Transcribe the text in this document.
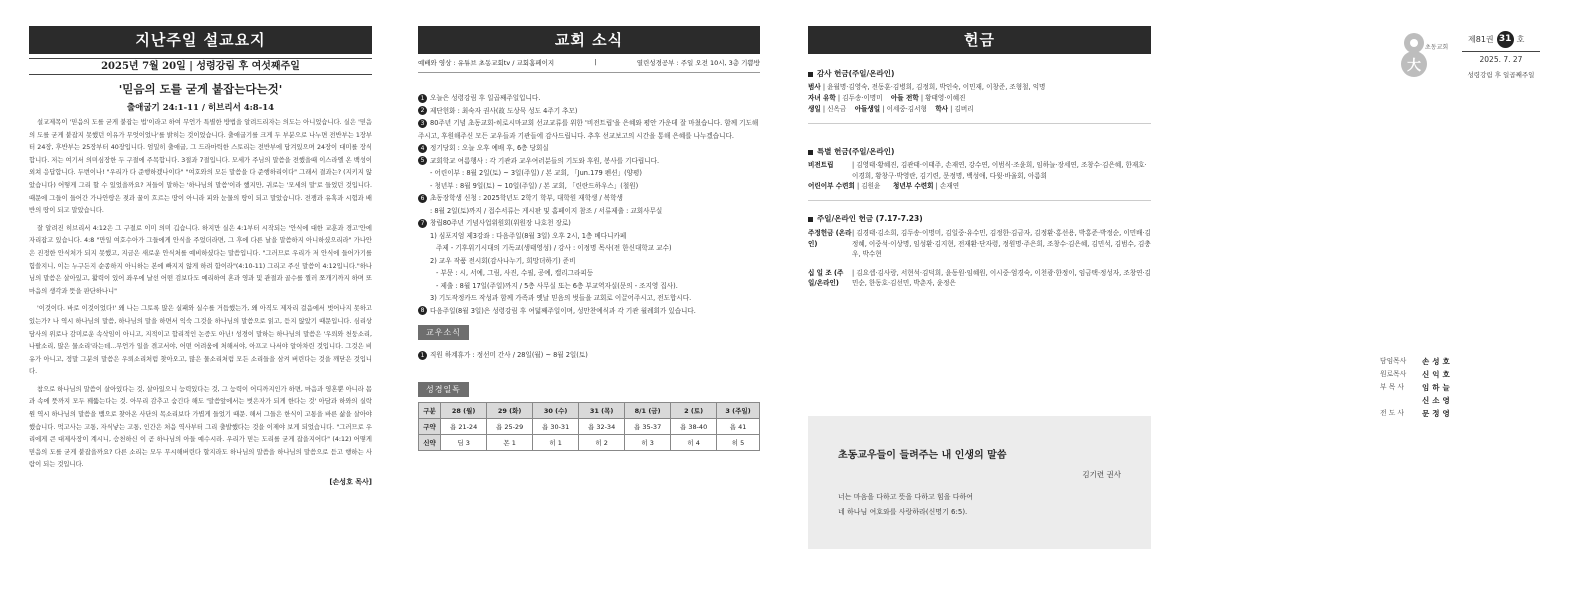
지난주일 설교요지
2025년 7월 20일 | 성령강림 후 여섯째주일
'믿음의 도를 굳게 붙잡는다는것'
출애굽기 24:1-11 / 히브리서 4:8-14

설교제목이 '믿음의 도를 굳게 붙잡는 법'이라고 하여 무언가 특별한 방법을 알려드리자는 의도는 아니었습니다. 실은 '믿음의 도를 굳게 붙잡지 못했던 이유가 무엇이었나'를 밝히는 것이었습니다. 출애굽기를 크게 두 부분으로 나누면 전반부는 1장부터 24장, 후반부는 25장부터 40장입니다. 엄밀히 출애굽, 그 드라마틱한 스토리는 전반부에 담겨있으며 24장이 대미를 장식합니다. 저는 여기서 의미심장한 두 구절에 주목합니다. 3절과 7절입니다. 모세가 주님의 말씀을 전했을때 이스라엘 온 백성이 외쳐 응답합니다. 두번이나! "우리가 다 준행하겠나이다" "여호와의 모든 말씀을 다 준행하리이다" 그래서 결과는? (지키지 않았습니다) 어떻게 그리 할 수 있었을까요? 저들이 말하는 '하나님의 말씀'이라 했지만, 귀로는 '모세의 말'로 들었던 것입니다. 때문에 그들이 들어간 가나안땅은 젖과 꿀이 흐르는 땅이 아니라 피와 눈물의 땅이 되고 말았습니다. 전쟁과 유혹과 시험과 배반의 땅이 되고 말았습니다.

잘 알려진 히브리서 4:12은 그 구절로 이미 의미 깁습니다. 하지만 실은 4:1부터 시작되는 '안식에 대한 교훈과 경고'안에 자리잡고 있습니다. 4:8 "만일 여호수아가 그들에게 안식을 주었더라면, 그 후에 다른 날을 말씀하지 아니하셨으리라" 가나안은 진정한 안식처가 되지 못했고, 지금은 새로운 안식처를 예비하셨다는 말씀입니다. "그러므로 우리가 저 안식에 들어가기를 힘쓸지니, 이는 누구든지 순종하지 아니하는 본에 빠지지 않게 하려 함이라"(4:10-11) 그리고 주신 말씀이 4:12입니다."하나님의 말씀은 살아있고, 활력이 있어 좌우에 날선 어떤 검보다도 예리하여 혼과 영과 및 관절과 골수를 찔러 쪼개기까지 하며 또 마음의 생각과 뜻을 판단하나니"

'이것이다. 바로 이것이었다!' 왜 나는 그토록 많은 실패와 실수를 거듭했는가, 왜 아직도 제자리 걸음에서 벗어나지 못하고 있는가? 나 역시 하나님의 말씀, 하나님의 말을 하면서 익숙 그것을 하나님의 말씀으로 읽고, 듣지 않았기 때문입니다. 심리상담사의 위로나 감미로운 속삭임이 아니고, 지적이고 합리적인 논증도 아닌! 성경이 말하는 하나님의 말씀은 '우뢰와 천둥소리, 나팔소리, 많은 물소리'라는데...무언가 일을 겪고서야, 어떤 어려움에 처해서야, 아프고 나서야 알아차린 것입니다. 그것은 비유가 아니고, 정말 그분의 말씀은 우뢰소리처럼 찾아오고, 많은 물소리처럼 모든 소리들을 삼켜 버린다는 것을 깨닫은 것입니다.

참으로 하나님의 말씀이 살아있다는 것, 살아있으니 능력있다는 것, 그 능력이 어디까지인가 하면, 마음과 영혼뿐 아니라 몸과 속에 뜻까지 모두 꿰뚫는다는 것. 아무리 감추고 숨긴다 해도 '말씀앞에서는 벗은자가 되게 한다는 것' 아담과 하와의 실락원 역시 하나님의 말씀을 뱀으로 찾아온 사단의 목소리보다 가볍게 들었기 때문. 해서 그들은 한식이 고통을 바른 삶을 살아야했습니다. 먹고사는 고통, 자식낳는 고통, 인간은 처음 역사부터 그리 출발했다는 것을 이제야 보게 되었습니다. "그러므로 우리에게 큰 대제사장이 계시니, 승천하신 이 곧 하나님의 아들 예수시라. 우리가 믿는 도리를 굳게 잡을지어다" (4:12) 어떻게 믿음의 도를 굳게 붙잡을까요? 다른 소리는 모두 무시해버린다 할지라도 하나님의 말씀을 하나님의 말씀으로 듣고 행하는 사람이 되는 것입니다.

[손성호 목사]
교회 소식
예배와 영상 : 유튜브 초동교회tv / 교회홈페이지	|	열린성경공부 : 주일 오전 10시, 3층 기쁨방
1 오늘은 성령강림 후 일곱째주일입니다.
2 제단헌화 : 최숙자 권사(故 도상묵 성도 4주기 추모)
3 80주년 기념 초동교회-히로시마교회 선교교류를 위한 '비전트립'을 은혜와 평안 가운데 잘 마쳤습니다. 함께 기도해주시고, 후원해주신 모든 교우들과 기관들에 감사드립니다. 추후 선교보고의 시간을 통해 은혜를 나누겠습니다.
4 정기당회 : 오늘 오후 예배 후, 6층 당회실
5 교회학교 여름행사 : 각 기관과 교우여러분들의 기도와 후원, 봉사를 기다립니다.
- 어린이부 : 8월 2일(토) ~ 3일(주일) / 본 교회, 「Jun.179 펜션」(양평)
- 청년부 : 8월 9일(토) ~ 10일(주일) / 본 교회, 「린란드하우스」(철원)
6 초동장학생 신청 : 2025학년도 2학기 학부, 대학원 재학생 / 복학생
: 8월 2일(토)까지 / 접수서류는 게시판 및 홈페이지 참조 / 서류제출 : 교회사무실
7 창립80주년 기념사업위원회(위원장 나호천 장로)
1) 심포지엄 제3강좌 : 다음주일(8월 3일) 오후 2시, 1층 베다니카페
주제 - 기후위기시대의 기독교(생태영성) / 강사 : 이정명 목사(전 한신대학교 교수)
2) 교우 작품 전시회(감사나누기, 희망더하기) 준비
- 부문 : 시, 서예, 그림, 사진, 수필, 공예, 캘리그라피등
- 제출 : 8월 17일(주일)까지 / 5층 사무실 또는 6층 부교역자실(문의 - 조지영 집사).
3) 기도작정카드 작성과 함께 가족과 옛날 믿음의 벗들을 교회로 이끌어주시고, 전도합시다.
8 다음주일(8월 3일)은 성령강림 후 여덟째주일이며, 성만찬예식과 각 기관 월례회가 있습니다.
교우소식
1 직원 하계휴가 : 정선미 간사 / 28일(월) ~ 8월 2일(토)
성경일독
구분	28 (월)	29 (화)	30 (수)	31 (목)	8/1 (금)	2 (토)	3 (주일)
구약	욥 21-24	욥 25-29	욥 30-31	욥 32-34	욥 35-37	욥 38-40	욥 41
신약	딤 3	몬 1	히 1	히 2	히 3	히 4	히 5
헌금
감사 헌금(주일/온라인)
범사 | 윤월명·김영숙, 전동훈·김병희, 김정희, 박인숙, 이민재, 이창준, 조형철, 익명
자녀 유학 | 김두송·이명미 아들 전학 | 황태영·이혜진
생일 | 신옥금 아들생일 | 이세중·김서형 학사 | 김버리
특별 헌금(주일/온라인)
비전트립	| 김영태·황혜진, 김관태·이태주, 손재연, 강수연, 이범식·조윤희, 임하늘·장세연, 조창수·김은혜, 한재호·이경희, 황창구·박영란, 김기련, 문정명, 백성애, 다윗·바울회, 아름회
어린이부 수련회 | 김원윤 청년부 수련회 | 손재연
주일/온라인 헌금 (7.17-7.23)
주정헌금 (온라인)
| 김경태·김소희, 김두송·이명미, 김일중·유수민, 김정한·김금자, 김정환·홍선용, 박홍준·박정순, 이민배·김정혜, 이중석·이상명, 임성환·김지현, 전재환·단자령, 정원명·주은희, 조창수·김은혜, 김민석, 김범수, 김충우, 박수현
십 일 조 (주일/온라인)
| 김요셉·김사랑, 서현석·김덕희, 윤동원·임혜원, 이시중·엄경숙, 이천광·한정이, 임금택·정성자, 조창연·김민순, 한동호·김선민, 박춘자, 윤정은
초동교우들이 들려주는 내 인생의 말씀
김기련 권사
너는 마음을 다하고 뜻을 다하고 힘을 다하여
네 하나님 여호와를 사랑하라(신명기 6:5).
大
초동교회
제81권 31 호
2025. 7. 27
성령강림 후 일곱째주일
담임목사	손성호
원로목사	신익호
부 목 사	임하늘
신소영
전 도 사	문정영
